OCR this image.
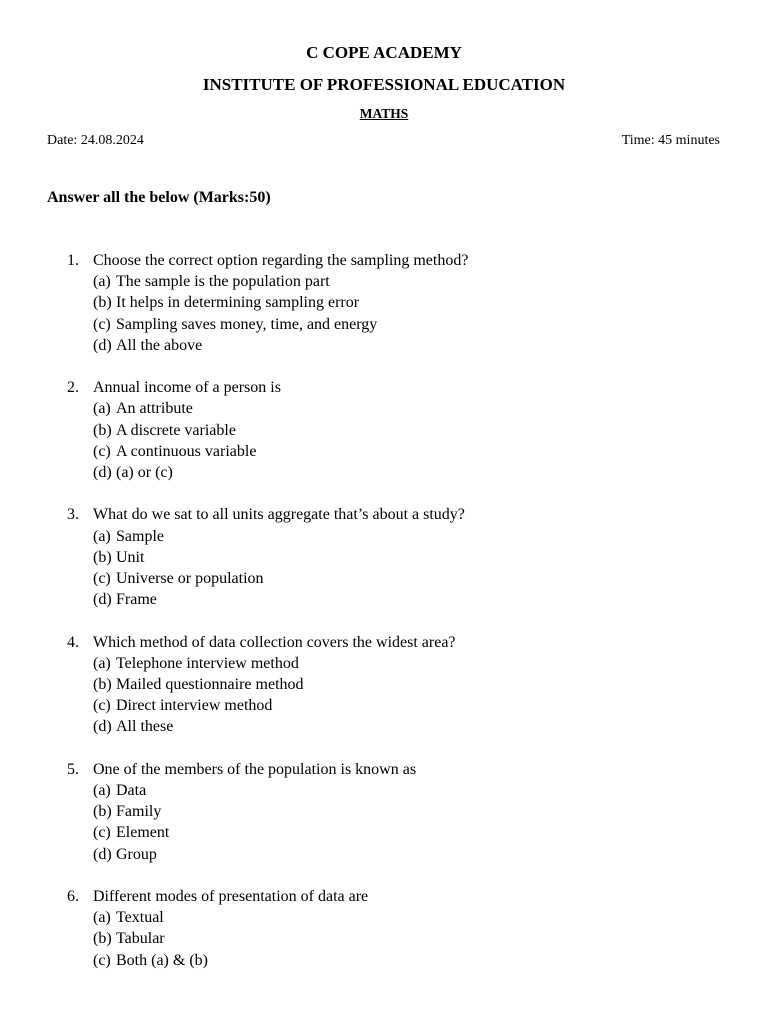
C COPE ACADEMY
INSTITUTE OF PROFESSIONAL EDUCATION
MATHS
Date: 24.08.2024	Time: 45 minutes
Answer all the below (Marks:50)
1. Choose the correct option regarding the sampling method?
(a) The sample is the population part
(b) It helps in determining sampling error
(c) Sampling saves money, time, and energy
(d) All the above
2. Annual income of a person is
(a) An attribute
(b) A discrete variable
(c) A continuous variable
(d) (a) or (c)
3. What do we sat to all units aggregate that’s about a study?
(a) Sample
(b) Unit
(c) Universe or population
(d) Frame
4. Which method of data collection covers the widest area?
(a) Telephone interview method
(b) Mailed questionnaire method
(c) Direct interview method
(d) All these
5. One of the members of the population is known as
(a) Data
(b) Family
(c) Element
(d) Group
6. Different modes of presentation of data are
(a) Textual
(b) Tabular
(c) Both (a) & (b)
